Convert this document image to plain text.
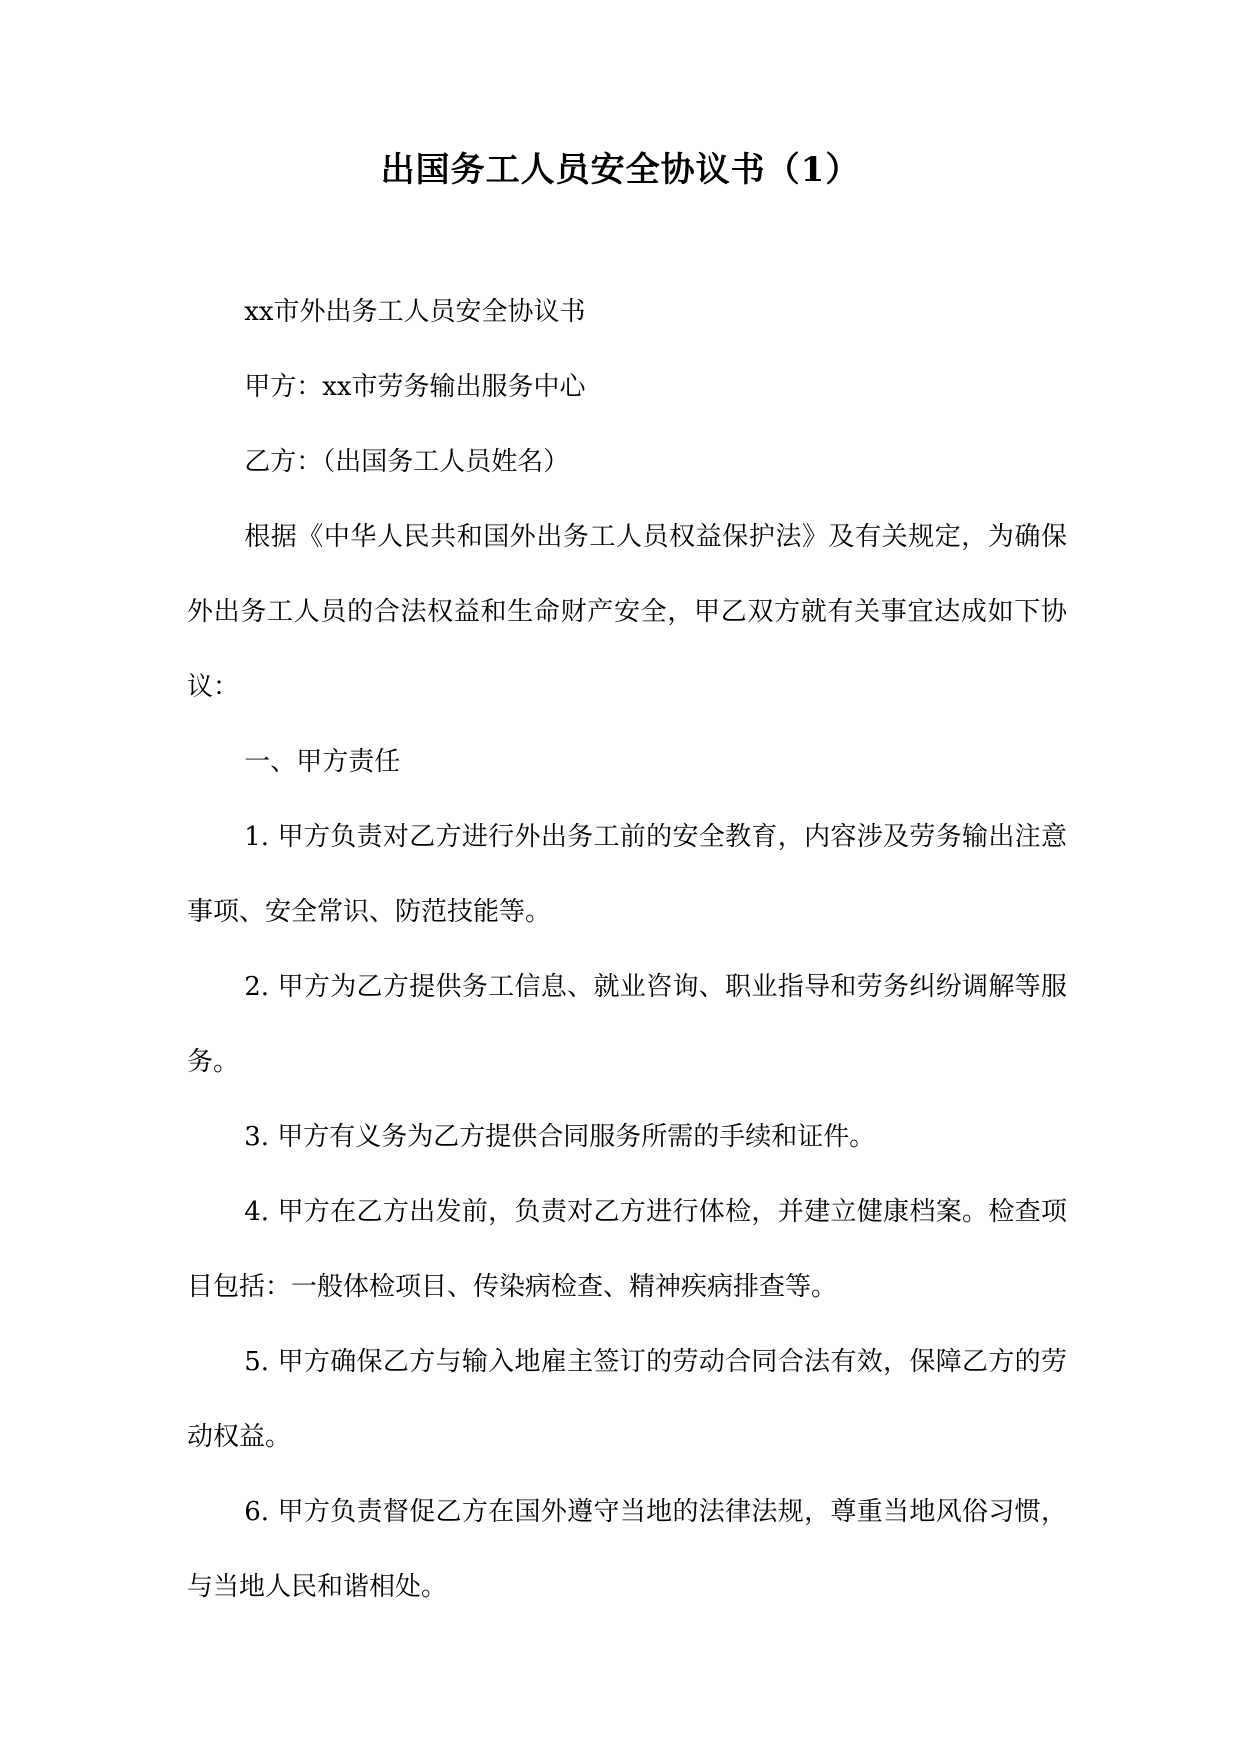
出国务工人员安全协议书（1）

xx市外出务工人员安全协议书

甲方：xx市劳务输出服务中心

乙方：（出国务工人员姓名）

根据《中华人民共和国外出务工人员权益保护法》及有关规定，为确保外出务工人员的合法权益和生命财产安全，甲乙双方就有关事宜达成如下协议：

一、甲方责任

1. 甲方负责对乙方进行外出务工前的安全教育，内容涉及劳务输出注意事项、安全常识、防范技能等。

2. 甲方为乙方提供务工信息、就业咨询、职业指导和劳务纠纷调解等服务。

3. 甲方有义务为乙方提供合同服务所需的手续和证件。

4. 甲方在乙方出发前，负责对乙方进行体检，并建立健康档案。检查项目包括：一般体检项目、传染病检查、精神疾病排查等。

5. 甲方确保乙方与输入地雇主签订的劳动合同合法有效，保障乙方的劳动权益。

6. 甲方负责督促乙方在国外遵守当地的法律法规，尊重当地风俗习惯，与当地人民和谐相处。
